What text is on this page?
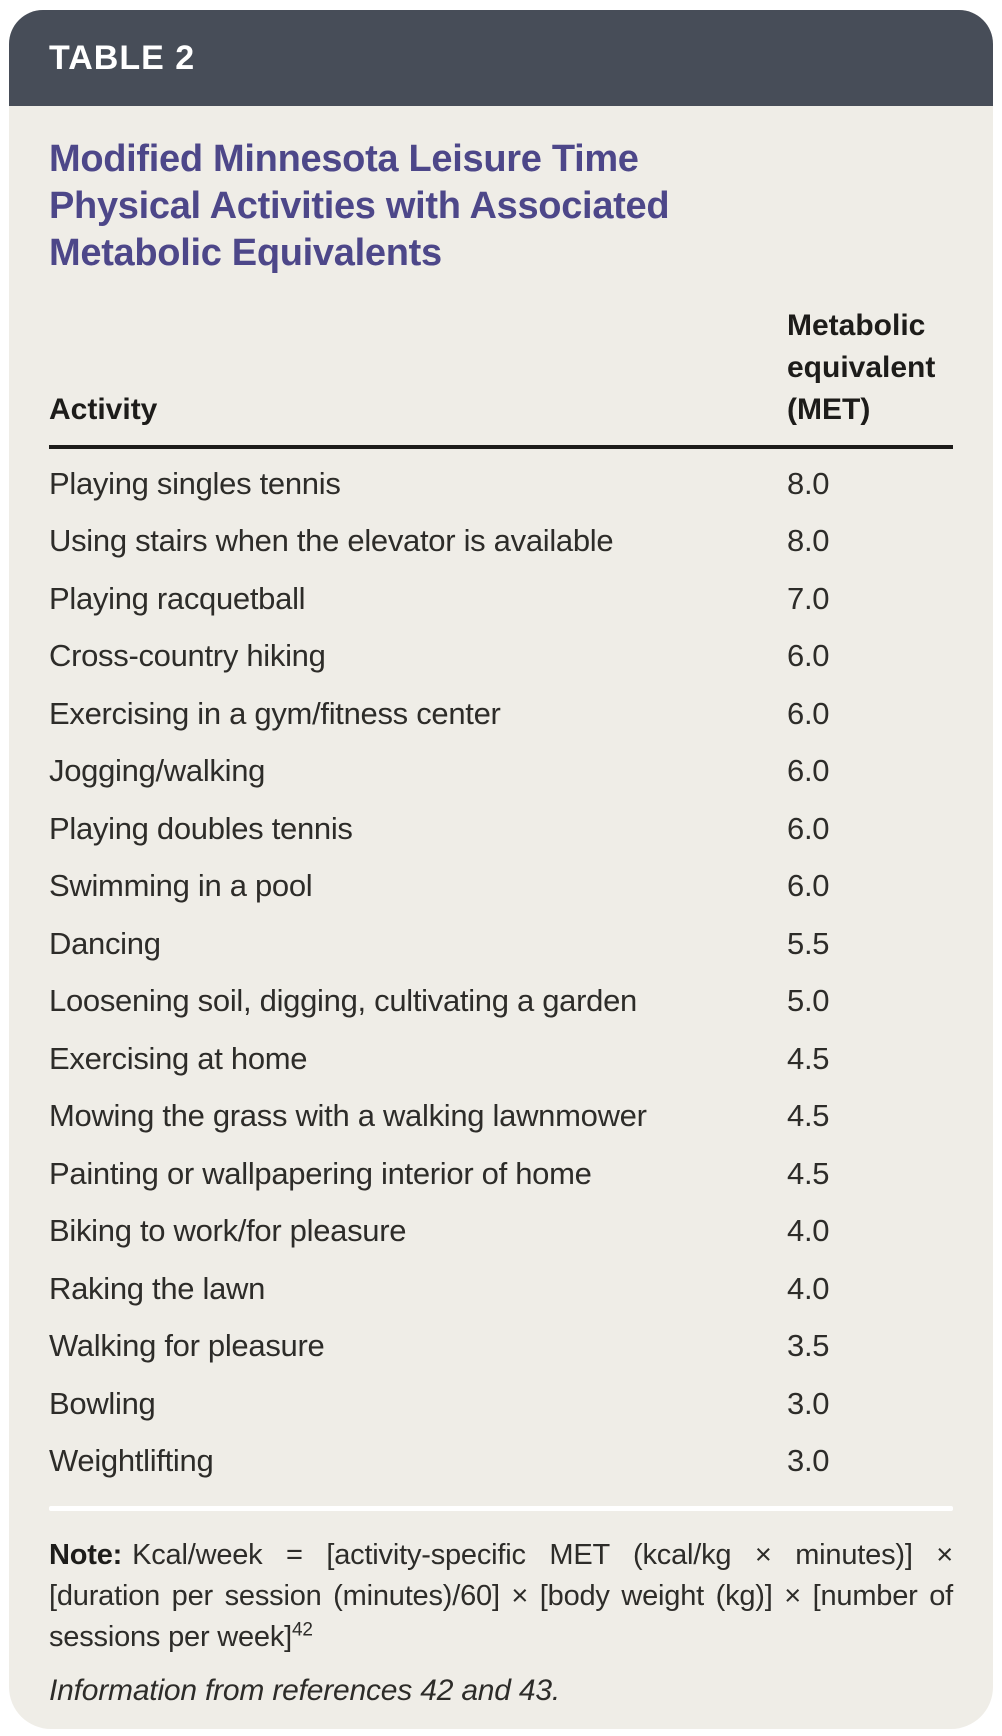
TABLE 2
Modified Minnesota Leisure Time
Physical Activities with Associated
Metabolic Equivalents
Activity
Metabolic equivalent (MET)
Playing singles tennis	8.0
Using stairs when the elevator is available	8.0
Playing racquetball	7.0
Cross-country hiking	6.0
Exercising in a gym/fitness center	6.0
Jogging/walking	6.0
Playing doubles tennis	6.0
Swimming in a pool	6.0
Dancing	5.5
Loosening soil, digging, cultivating a garden	5.0
Exercising at home	4.5
Mowing the grass with a walking lawnmower	4.5
Painting or wallpapering interior of home	4.5
Biking to work/for pleasure	4.0
Raking the lawn	4.0
Walking for pleasure	3.5
Bowling	3.0
Weightlifting	3.0

Note: Kcal/week = [activity-specific MET (kcal/kg × minutes)] × [duration per session (minutes)/60] × [body weight (kg)] × [number of sessions per week]$^{42}$

Information from references 42 and 43.
